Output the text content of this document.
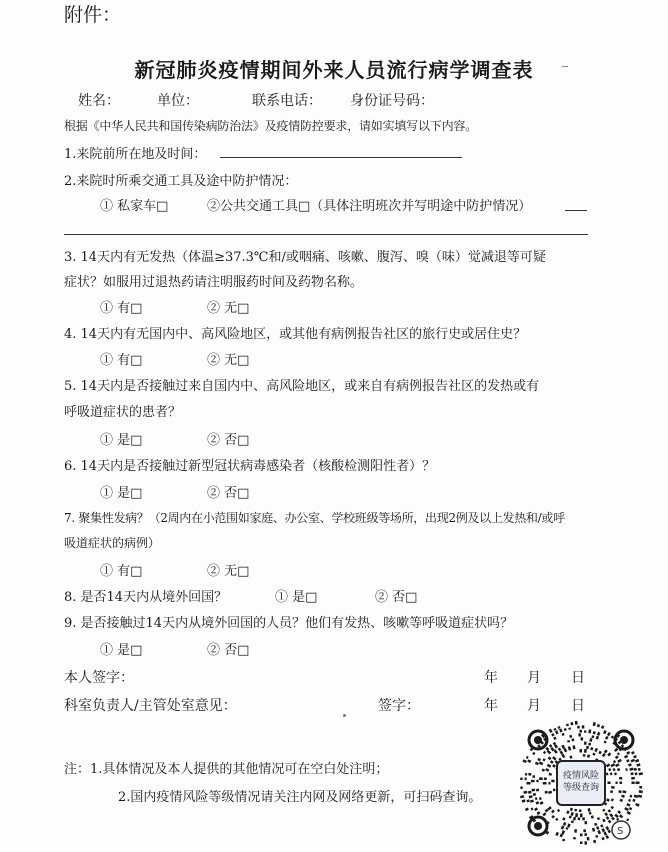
附件：
新冠肺炎疫情期间外来人员流行病学调查表
姓名：	单位：	联系电话： 身份证号码：
根据《中华人民共和国传染病防治法》及疫情防控要求，请如实填写以下内容。
1.来院前所在地及时间：
2.来院时所乘交通工具及途中防护情况：
① 私家车□	②公共交通工具□（具体注明班次并写明途中防护情况）
3. 14天内有无发热（体温≥37.3℃和/或咽痛、咳嗽、腹泻、嗅（味）觉减退等可疑
症状？如服用过退热药请注明服药时间及药物名称。
① 有□	② 无□
4. 14天内有无国内中、高风险地区，或其他有病例报告社区的旅行史或居住史？
① 有□	② 无□
5. 14天内是否接触过来自国内中、高风险地区，或来自有病例报告社区的发热或有
呼吸道症状的患者？
① 是□	② 否□
6. 14天内是否接触过新型冠状病毒感染者（核酸检测阳性者）？
① 是□	② 否□
7. 聚集性发病？（2周内在小范围如家庭、办公室、学校班级等场所，出现2例及以上发热和/或呼
吸道症状的病例）
① 有□	② 无□
8. 是否14天内从境外回国？	① 是□	② 否□
9. 是否接触过14天内从境外回国的人员？他们有发热、咳嗽等呼吸道症状吗？
① 是□	② 否□
本人签字：	年 月 日
科室负责人/主管处室意见：	签字：	年 月 日
注：1.具体情况及本人提供的其他情况可在空白处注明；
2.国内疫情风险等级情况请关注内网及网络更新，可扫码查询。
S
疫情风险
等级查询
